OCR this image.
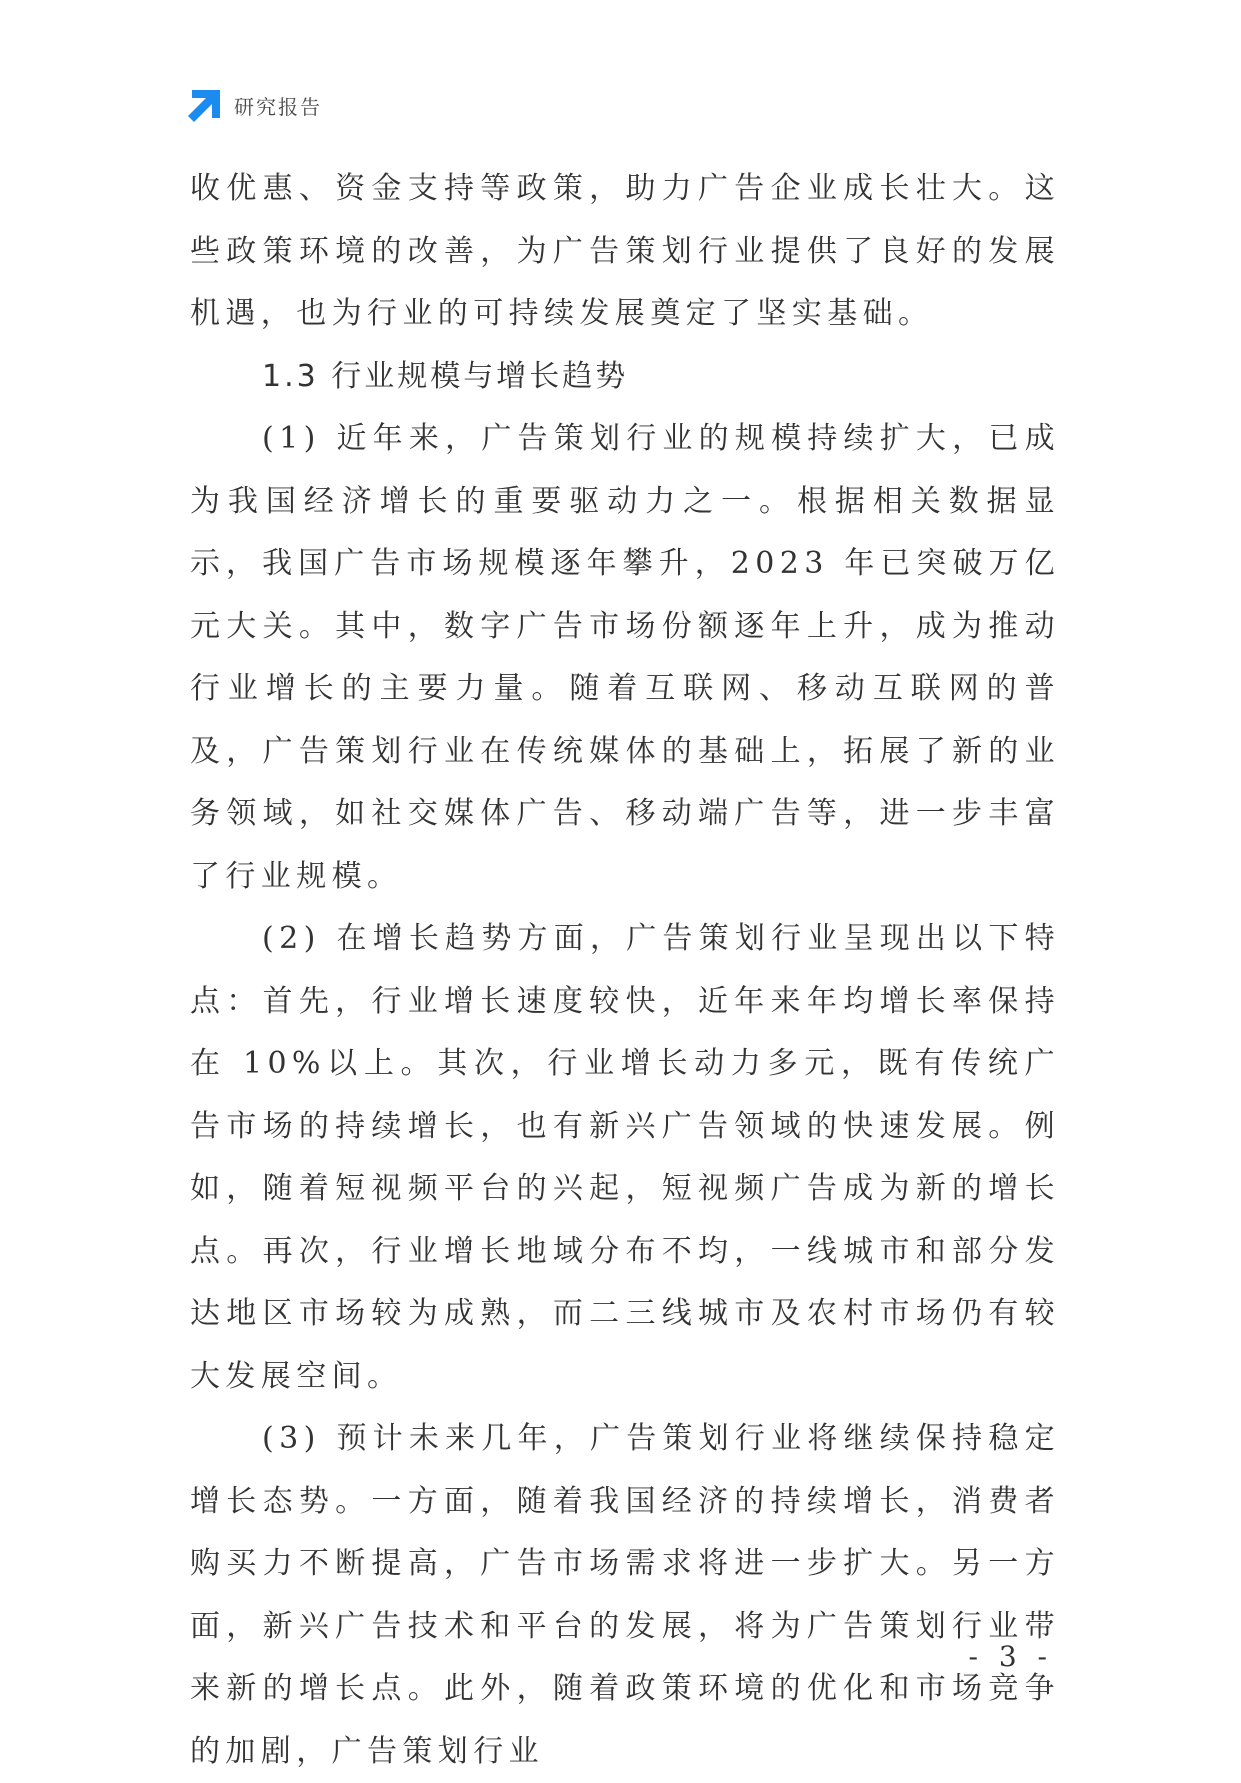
研究报告

收优惠、资金支持等政策，助力广告企业成长壮大。这些政策环境的改善，为广告策划行业提供了良好的发展机遇，也为行业的可持续发展奠定了坚实基础。

1.3 行业规模与增长趋势

(1) 近年来，广告策划行业的规模持续扩大，已成为我国经济增长的重要驱动力之一。根据相关数据显示，我国广告市场规模逐年攀升，2023 年已突破万亿元大关。其中，数字广告市场份额逐年上升，成为推动行业增长的主要力量。随着互联网、移动互联网的普及，广告策划行业在传统媒体的基础上，拓展了新的业务领域，如社交媒体广告、移动端广告等，进一步丰富了行业规模。

(2) 在增长趋势方面，广告策划行业呈现出以下特点：首先，行业增长速度较快，近年来年均增长率保持在 10%以上。其次，行业增长动力多元，既有传统广告市场的持续增长，也有新兴广告领域的快速发展。例如，随着短视频平台的兴起，短视频广告成为新的增长点。再次，行业增长地域分布不均，一线城市和部分发达地区市场较为成熟，而二三线城市及农村市场仍有较大发展空间。

(3) 预计未来几年，广告策划行业将继续保持稳定增长态势。一方面，随着我国经济的持续增长，消费者购买力不断提高，广告市场需求将进一步扩大。另一方面，新兴广告技术和平台的发展，将为广告策划行业带来新的增长点。此外，随着政策环境的优化和市场竞争的加剧，广告策划行业

- 3 -
